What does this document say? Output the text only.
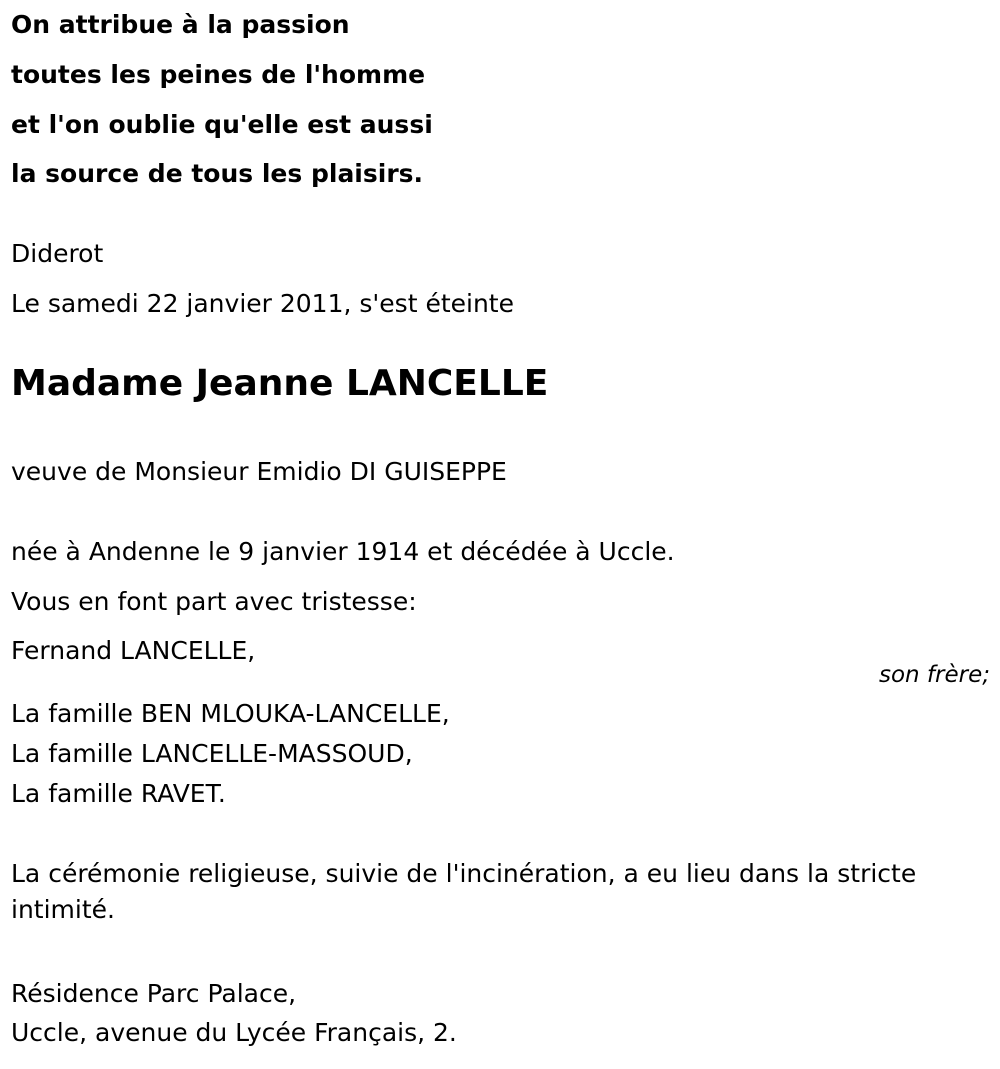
On attribue à la passion
toutes les peines de l'homme
et l'on oublie qu'elle est aussi
la source de tous les plaisirs.
Diderot
Le samedi 22 janvier 2011, s'est éteinte
Madame Jeanne LANCELLE
veuve de Monsieur Emidio DI GUISEPPE
née à Andenne le 9 janvier 1914 et décédée à Uccle.
Vous en font part avec tristesse:
Fernand LANCELLE,
son frère;
La famille BEN MLOUKA-LANCELLE,
La famille LANCELLE-MASSOUD,
La famille RAVET.
La cérémonie religieuse, suivie de l'incinération, a eu lieu dans la stricte intimité.
Résidence Parc Palace,
Uccle, avenue du Lycée Français, 2.
